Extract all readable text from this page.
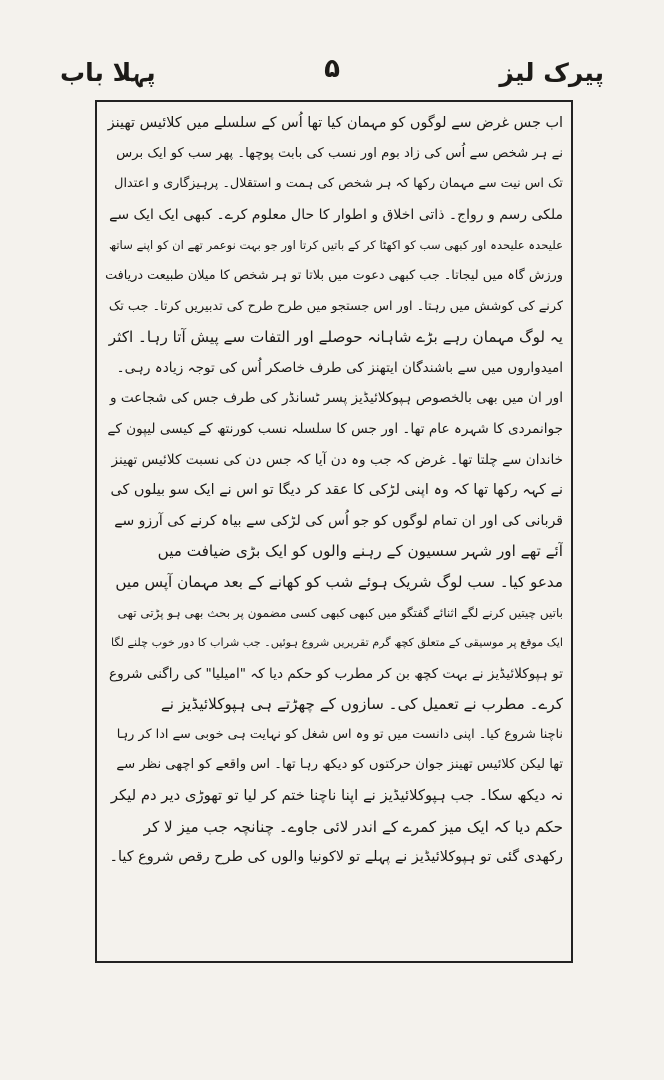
پیرک لیز
۵
پہلا باب
اب جس غرض سے لوگوں کو مہمان کیا تھا اُس کے سلسلے میں کلائیس تھینز
نے ہر شخص سے اُس کی زاد بوم اور نسب کی بابت پوچھا۔ پھر سب کو ایک برس
تک اس نیت سے مہمان رکھا کہ ہر شخص کی ہمت و استقلال۔ پرہیزگاری و اعتدال
ملکی رسم و رواج۔ ذاتی اخلاق و اطوار کا حال معلوم کرے۔ کبھی ایک ایک سے
علیحدہ علیحدہ اور کبھی سب کو اکھٹا کر کے باتیں کرتا اور جو بہت نوعمر تھے ان کو اپنے ساتھ
ورزش گاہ میں لیجاتا۔ جب کبھی دعوت میں بلاتا تو ہر شخص کا میلان طبیعت دریافت
کرنے کی کوشش میں رہتا۔ اور اس جستجو میں طرح طرح کی تدبیریں کرتا۔ جب تک
یہ لوگ مہمان رہے بڑے شاہانہ حوصلے اور التفات سے پیش آتا رہا۔ اکثر
امیدواروں میں سے باشندگان ایتھنز کی طرف خاصکر اُس کی توجہ زیادہ رہی۔
اور ان میں بھی بالخصوص ہپوکلائیڈیز پسر ٹسانڈر کی طرف جس کی شجاعت و
جوانمردی کا شہرہ عام تھا۔ اور جس کا سلسلہ نسب کورنتھ کے کیسی لیپون کے
خاندان سے چلتا تھا۔ غرض کہ جب وہ دن آیا کہ جس دن کی نسبت کلائیس تھینز
نے کہہ رکھا تھا کہ وہ اپنی لڑکی کا عقد کر دیگا تو اس نے ایک سو بیلوں کی
قربانی کی اور ان تمام لوگوں کو جو اُس کی لڑکی سے بیاہ کرنے کی آرزو سے
آئے تھے اور شہر سسیون کے رہنے والوں کو ایک بڑی ضیافت میں
مدعو کیا۔ سب لوگ شریک ہوئے شب کو کھانے کے بعد مہمان آپس میں
باتیں چیتیں کرنے لگے اثنائے گفتگو میں کبھی کبھی کسی مضمون پر بحث بھی ہو پڑتی تھی
ایک موقع پر موسیقی کے متعلق کچھ گرم تقریریں شروع ہوئیں۔ جب شراب کا دور خوب چلنے لگا
تو ہپوکلائیڈیز نے بہت کچھ بن کر مطرب کو حکم دیا کہ "امیلیا" کی راگنی شروع
کرے۔ مطرب نے تعمیل کی۔ سازوں کے چھڑتے ہی ہپوکلائیڈیز نے
ناچنا شروع کیا۔ اپنی دانست میں تو وہ اس شغل کو نہایت ہی خوبی سے ادا کر رہا
تھا لیکن کلائیس تھینز جوان حرکتوں کو دیکھ رہا تھا۔ اس واقعے کو اچھی نظر سے
نہ دیکھ سکا۔ جب ہپوکلائیڈیز نے اپنا ناچنا ختم کر لیا تو تھوڑی دیر دم لیکر
حکم دیا کہ ایک میز کمرے کے اندر لائی جاوے۔ چنانچہ جب میز لا کر
رکھدی گئی تو ہپوکلائیڈیز نے پہلے تو لاکونیا والوں کی طرح رقص شروع کیا۔
